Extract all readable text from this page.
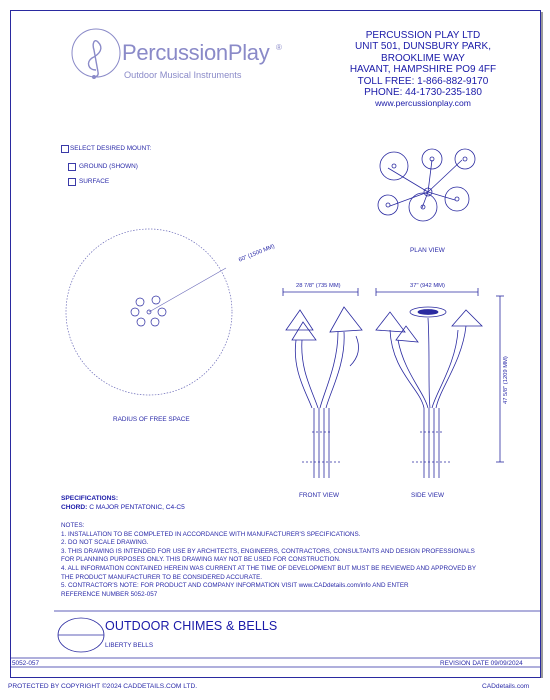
PercussionPlay ®
Outdoor Musical Instruments
PERCUSSION PLAY LTD
UNIT 501, DUNSBURY PARK,
BROOKLIME WAY
HAVANT, HAMPSHIRE PO9 4FF
TOLL FREE: 1-866-882-9170
PHONE: 44-1730-235-180
www.percussionplay.com
SELECT DESIRED MOUNT:
GROUND (SHOWN)
SURFACE
PLAN VIEW
RADIUS OF FREE SPACE
FRONT VIEW	SIDE VIEW
60" (1500 MM)
28 7/8" (735 MM)	37" (942 MM)
47 5/8" (1209 MM)
SPECIFICATIONS:
CHORD: C MAJOR PENTATONIC, C4-C5
NOTES:
1. INSTALLATION TO BE COMPLETED IN ACCORDANCE WITH MANUFACTURER'S SPECIFICATIONS.
2. DO NOT SCALE DRAWING.
3. THIS DRAWING IS INTENDED FOR USE BY ARCHITECTS, ENGINEERS, CONTRACTORS, CONSULTANTS AND DESIGN PROFESSIONALS
FOR PLANNING PURPOSES ONLY. THIS DRAWING MAY NOT BE USED FOR CONSTRUCTION.
4. ALL INFORMATION CONTAINED HEREIN WAS CURRENT AT THE TIME OF DEVELOPMENT BUT MUST BE REVIEWED AND APPROVED BY
THE PRODUCT MANUFACTURER TO BE CONSIDERED ACCURATE.
5. CONTRACTOR'S NOTE: FOR PRODUCT AND COMPANY INFORMATION VISIT www.CADdetails.com/info AND ENTER
REFERENCE NUMBER 5052-057
OUTDOOR CHIMES & BELLS
LIBERTY BELLS
5052-057	REVISION DATE 09/09/2024
PROTECTED BY COPYRIGHT ©2024 CADDETAILS.COM LTD.	CADdetails.com
